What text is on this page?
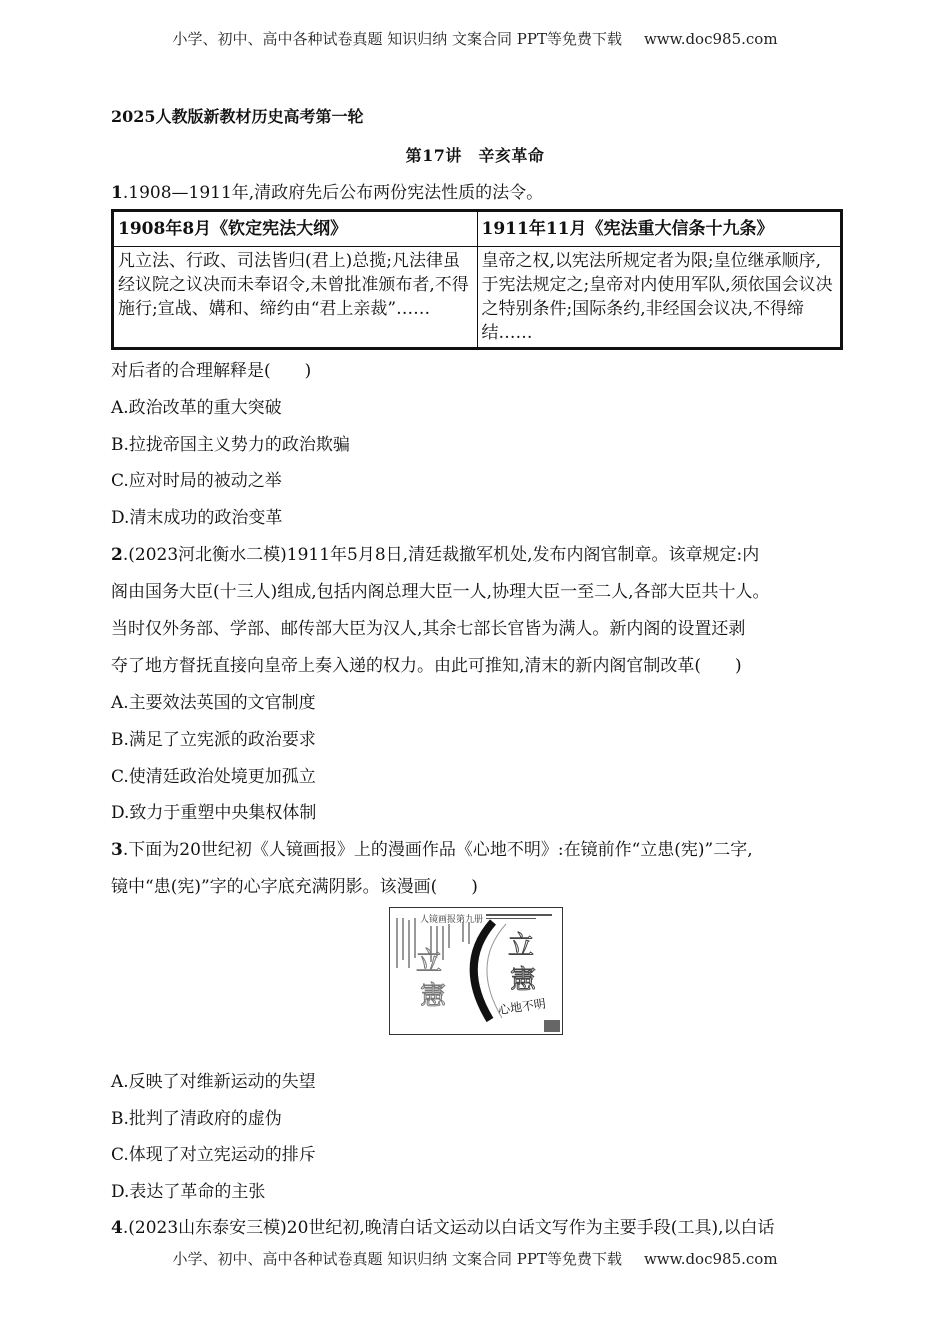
小学、初中、高中各种试卷真题 知识归纳 文案合同 PPT等免费下载 www.doc985.com
2025人教版新教材历史高考第一轮
第17讲　辛亥革命
1.1908—1911年,清政府先后公布两份宪法性质的法令。
1908年8月《钦定宪法大纲》	1911年11月《宪法重大信条十九条》
凡立法、行政、司法皆归(君上)总揽;凡法律虽经议院之议决而未奉诏令,未曾批准颁布者,不得施行;宣战、媾和、缔约由“君上亲裁”……	皇帝之权,以宪法所规定者为限;皇位继承顺序,于宪法规定之;皇帝对内使用军队,须依国会议决之特别条件;国际条约,非经国会议决,不得缔结……
对后者的合理解释是(　　)
A.政治改革的重大突破
B.拉拢帝国主义势力的政治欺骗
C.应对时局的被动之举
D.清末成功的政治变革
2.(2023河北衡水二模)1911年5月8日,清廷裁撤军机处,发布内阁官制章。该章规定:内
阁由国务大臣(十三人)组成,包括内阁总理大臣一人,协理大臣一至二人,各部大臣共十人。
当时仅外务部、学部、邮传部大臣为汉人,其余七部长官皆为满人。新内阁的设置还剥
夺了地方督抚直接向皇帝上奏入递的权力。由此可推知,清末的新内阁官制改革(　　)
A.主要效法英国的文官制度
B.满足了立宪派的政治要求
C.使清廷政治处境更加孤立
D.致力于重塑中央集权体制
3.下面为20世纪初《人镜画报》上的漫画作品《心地不明》:在镜前作“立患(宪)”二字,
镜中“患(宪)”字的心字底充满阴影。该漫画(　　)
人镜画报第九册
立
憲
立
憲
心地不明
A.反映了对维新运动的失望
B.批判了清政府的虚伪
C.体现了对立宪运动的排斥
D.表达了革命的主张
4.(2023山东泰安三模)20世纪初,晚清白话文运动以白话文写作为主要手段(工具),以白话
小学、初中、高中各种试卷真题 知识归纳 文案合同 PPT等免费下载 www.doc985.com
